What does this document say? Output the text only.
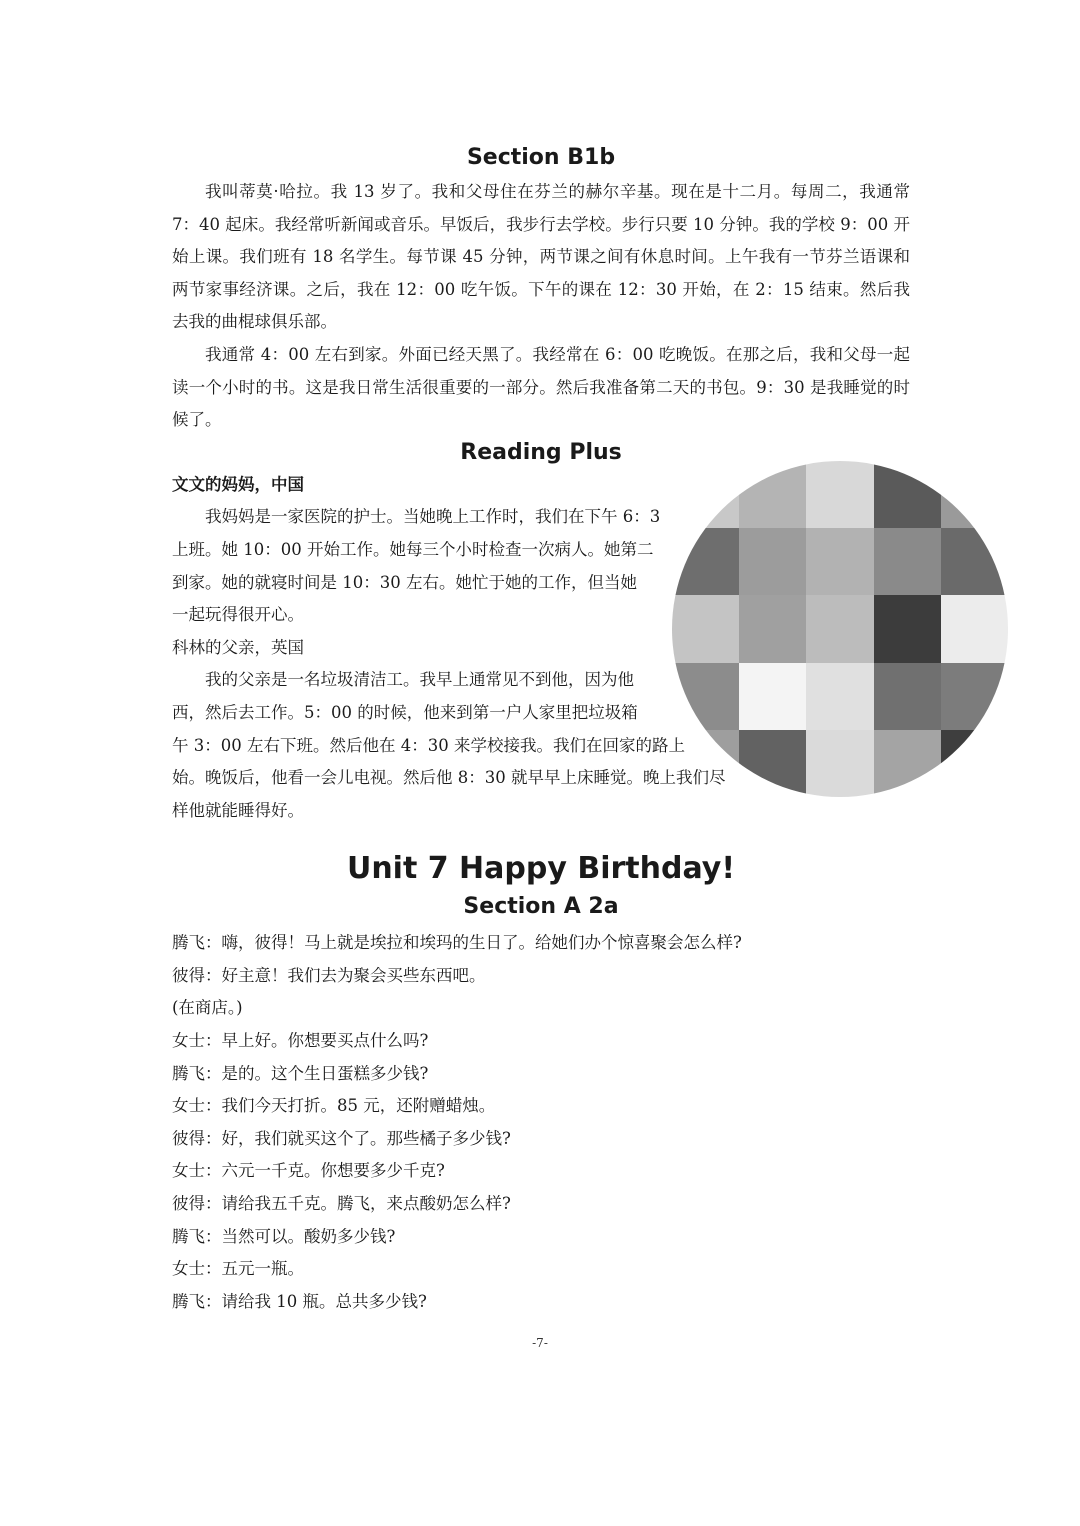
Section B1b

我叫蒂莫·哈拉。我 13 岁了。我和父母住在芬兰的赫尔辛基。现在是十二月。每周二，我通常 7：40 起床。我经常听新闻或音乐。早饭后，我步行去学校。步行只要 10 分钟。我的学校 9：00 开始上课。我们班有 18 名学生。每节课 45 分钟，两节课之间有休息时间。上午我有一节芬兰语课和两节家事经济课。之后，我在 12：00 吃午饭。下午的课在 12：30 开始，在 2：15 结束。然后我去我的曲棍球俱乐部。

我通常 4：00 左右到家。外面已经天黑了。我经常在 6：00 吃晚饭。在那之后，我和父母一起读一个小时的书。这是我日常生活很重要的一部分。然后我准备第二天的书包。9：30 是我睡觉的时候了。

Reading Plus

文文的妈妈，中国

我妈妈是一家医院的护士。当她晚上工作时，我们在下午 6：3
上班。她 10：00 开始工作。她每三个小时检查一次病人。她第二
到家。她的就寝时间是 10：30 左右。她忙于她的工作，但当她
一起玩得很开心。

科林的父亲，英国

我的父亲是一名垃圾清洁工。我早上通常见不到他，因为他
西，然后去工作。5：00 的时候，他来到第一户人家里把垃圾箱
午 3：00 左右下班。然后他在 4：30 来学校接我。我们在回家的路上
始。晚饭后，他看一会儿电视。然后他 8：30 就早早上床睡觉。晚上我们尽
样他就能睡得好。

Unit 7 Happy Birthday!
Section A 2a

腾飞：嗨，彼得！马上就是埃拉和埃玛的生日了。给她们办个惊喜聚会怎么样?

彼得：好主意！我们去为聚会买些东西吧。

(在商店。)

女士：早上好。你想要买点什么吗?

腾飞：是的。这个生日蛋糕多少钱?

女士：我们今天打折。85 元，还附赠蜡烛。

彼得：好，我们就买这个了。那些橘子多少钱?

女士：六元一千克。你想要多少千克?

彼得：请给我五千克。腾飞，来点酸奶怎么样?

腾飞：当然可以。酸奶多少钱?

女士：五元一瓶。

腾飞：请给我 10 瓶。总共多少钱?

-7-
